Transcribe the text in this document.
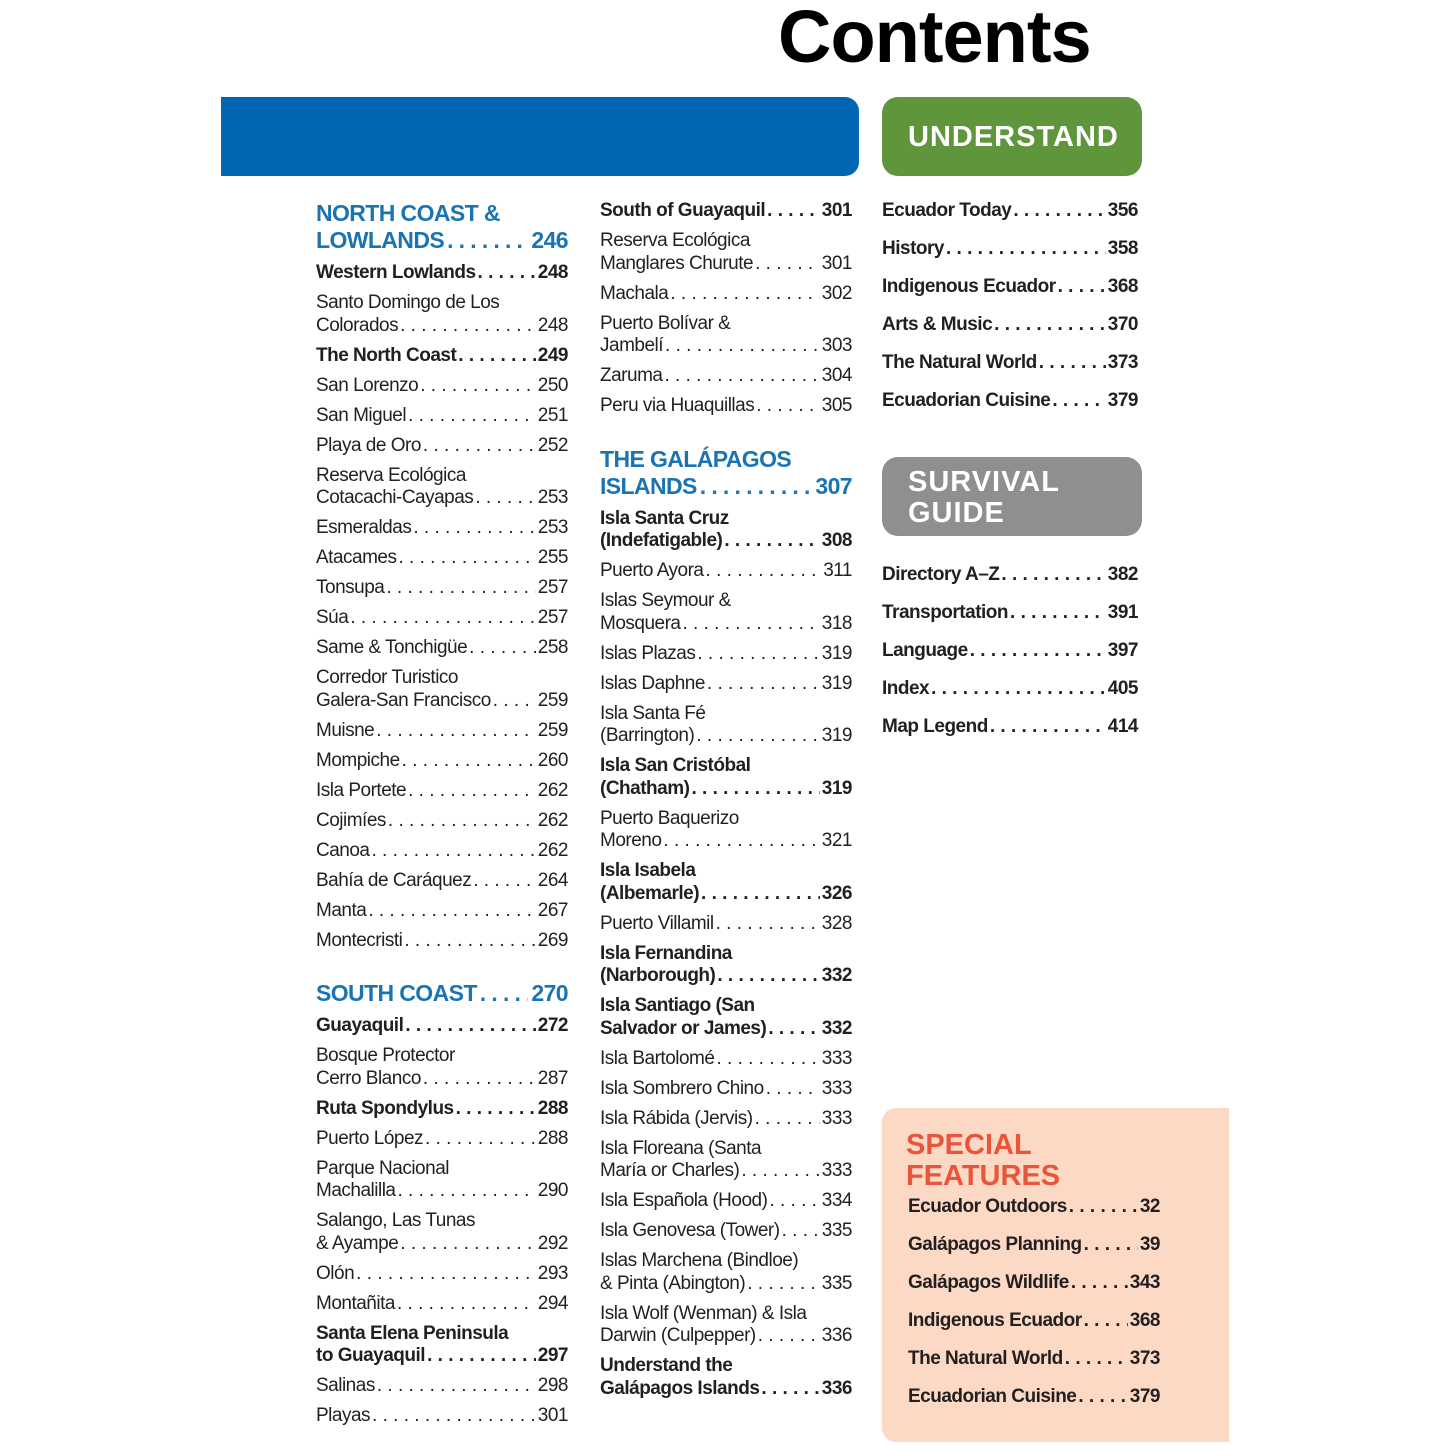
Contents
UNDERSTAND
SURVIVAL GUIDE
NORTH COAST &
LOWLANDS . . .	246
Western Lowlands . . .	248
Santo Domingo de Los
Colorados . . .	248
The North Coast . . .	249
San Lorenzo . . .	250
San Miguel . . .	251
Playa de Oro . . .	252
Reserva Ecológica
Cotacachi-Cayapas . . .	253
Esmeraldas . . .	253
Atacames . . .	255
Tonsupa . . .	257
Súa . . .	257
Same & Tonchigüe . . .	258
Corredor Turistico
Galera-San Francisco . . . 259
Muisne . . .	259
Mompiche . . .	260
Isla Portete . . .	262
Cojimíes . . .	262
Canoa . . .	262
Bahía de Caráquez . . .	264
Manta . . .	267
Montecristi . . .	269
SOUTH COAST . . . 270
Guayaquil . . .	272
Bosque Protector
Cerro Blanco . . .	287
Ruta Spondylus . . .	288
Puerto López . . .	288
Parque Nacional
Machalilla . . .	290
Salango, Las Tunas
& Ayampe . . .	292
Olón . . .	293
Montañita . . .	294
Santa Elena Peninsula
to Guayaquil . . .	297
Salinas . . .	298
Playas . . .	301
South of Guayaquil . . .	301
Reserva Ecológica
Manglares Churute . . .	301
Machala . . .	302
Puerto Bolívar &
Jambelí . . .	303
Zaruma . . .	304
Peru via Huaquillas . . .	305
THE GALÁPAGOS
ISLANDS . . .	307
Isla Santa Cruz
(Indefatigable) . . .	308
Puerto Ayora . . .	311
Islas Seymour &
Mosquera . . .	318
Islas Plazas . . .	319
Islas Daphne . . .	319
Isla Santa Fé
(Barrington) . . .	319
Isla San Cristóbal
(Chatham) . . .	319
Puerto Baquerizo
Moreno . . .	321
Isla Isabela
(Albemarle) . . .	326
Puerto Villamil . . .	328
Isla Fernandina
(Narborough) . . .	332
Isla Santiago (San
Salvador or James) . . .	332
Isla Bartolomé . . .	333
Isla Sombrero Chino . . .	333
Isla Rábida (Jervis) . . .	333
Isla Floreana (Santa
María or Charles) . . .	333
Isla Española (Hood) . . .	334
Isla Genovesa (Tower) . . . 335
Islas Marchena (Bindloe)
& Pinta (Abington) . . .	335
Isla Wolf (Wenman) & Isla
Darwin (Culpepper) . . .	336
Understand the
Galápagos Islands . . .	336
Ecuador Today . . .	356
History . . .	358
Indigenous Ecuador . . .	368
Arts & Music . . .	370
The Natural World . . .	373
Ecuadorian Cuisine . . .	379
Directory A–Z . . .	382
Transportation . . .	391
Language . . .	397
Index . . .	405
Map Legend . . .	414
SPECIAL FEATURES
Ecuador Outdoors . . .	32
Galápagos Planning . . .	39
Galápagos Wildlife . . .	343
Indigenous Ecuador . . .	368
The Natural World . . .	373
Ecuadorian Cuisine . . .	379
